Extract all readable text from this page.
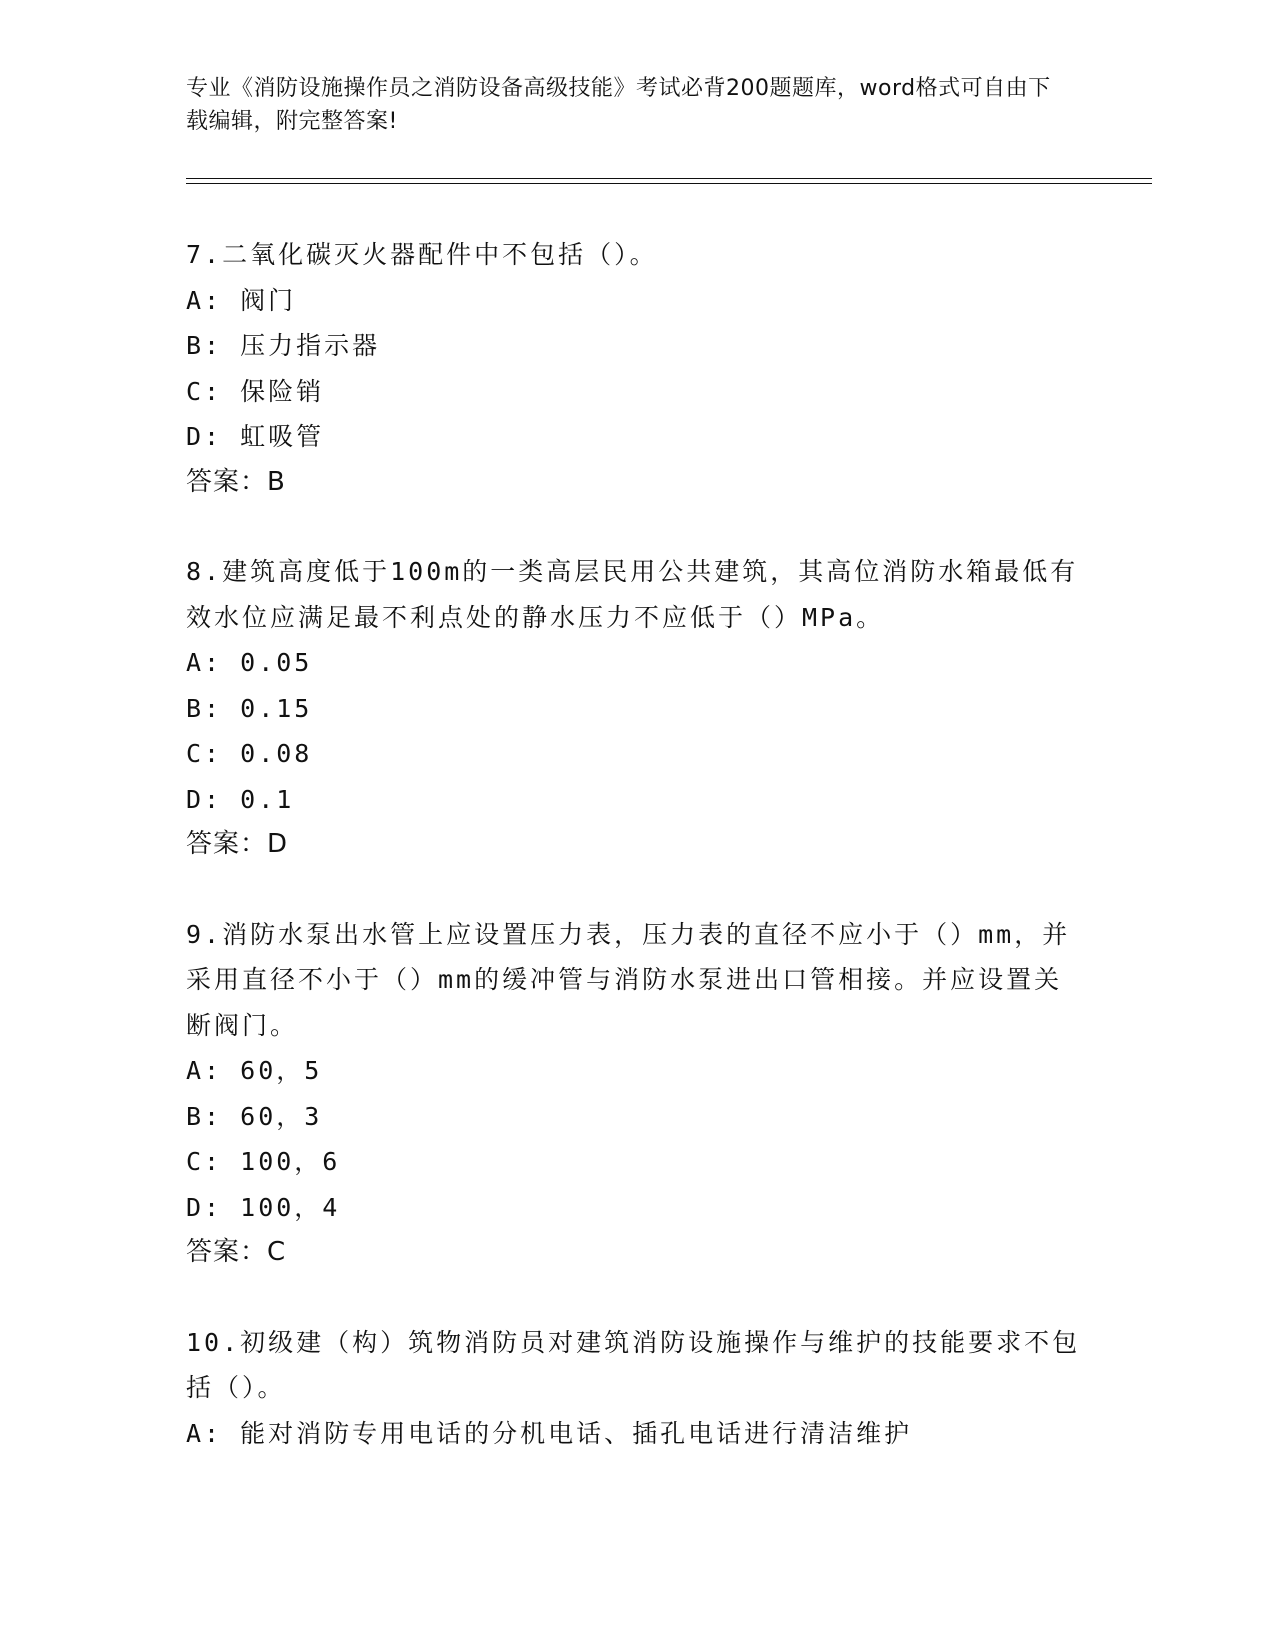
专业《消防设施操作员之消防设备高级技能》考试必背200题题库，word格式可自由下载编辑，附完整答案!

7.二氧化碳灭火器配件中不包括（）。

A: 阀门

B: 压力指示器

C: 保险销

D: 虹吸管

答案：B

8.建筑高度低于100m的一类高层民用公共建筑，其高位消防水箱最低有效水位应满足最不利点处的静水压力不应低于（）MPa。

A: 0.05

B: 0.15

C: 0.08

D: 0.1

答案：D

9.消防水泵出水管上应设置压力表，压力表的直径不应小于（）mm，并采用直径不小于（）mm的缓冲管与消防水泵进出口管相接。并应设置关断阀门。

A: 60，5

B: 60，3

C: 100，6

D: 100，4

答案：C

10.初级建（构）筑物消防员对建筑消防设施操作与维护的技能要求不包括（）。

A: 能对消防专用电话的分机电话、插孔电话进行清洁维护
